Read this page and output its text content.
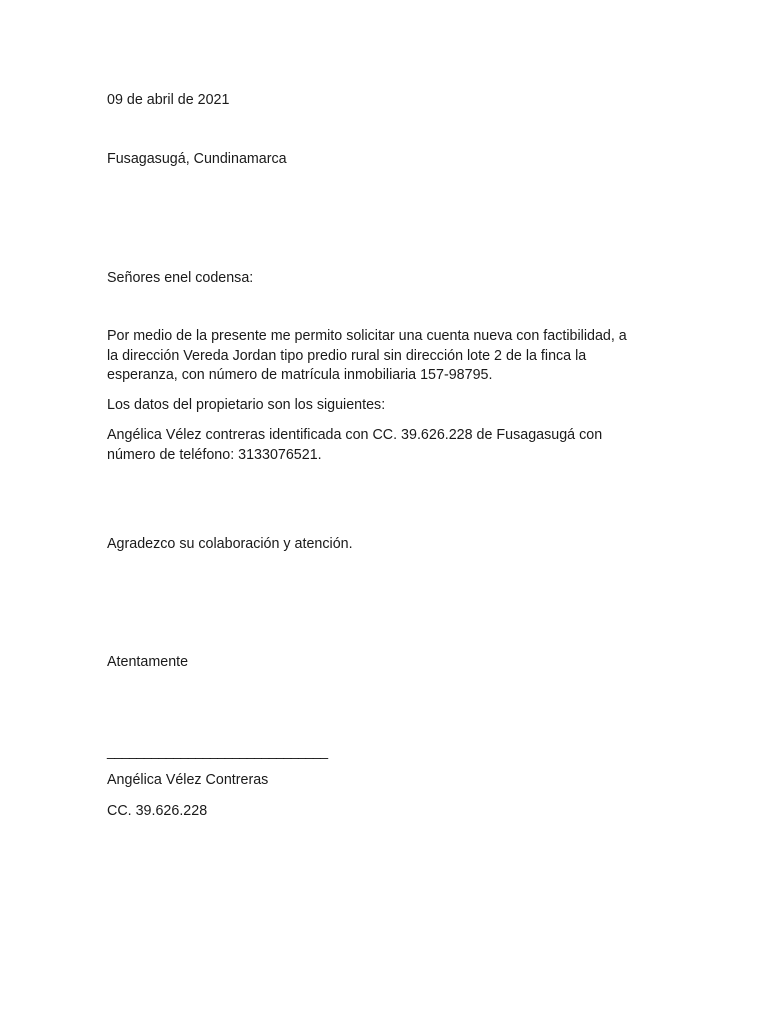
09 de abril de 2021
Fusagasugá, Cundinamarca
Señores enel codensa:
Por medio de la presente me permito solicitar una cuenta nueva con factibilidad, a
la dirección Vereda Jordan tipo predio rural sin dirección lote 2 de la finca la
esperanza, con número de matrícula inmobiliaria 157-98795.
Los datos del propietario son los siguientes:
Angélica Vélez contreras identificada con CC. 39.626.228 de Fusagasugá con
número de teléfono: 3133076521.
Agradezco su colaboración y atención.
Atentamente
______________________________
Angélica Vélez Contreras
CC. 39.626.228
